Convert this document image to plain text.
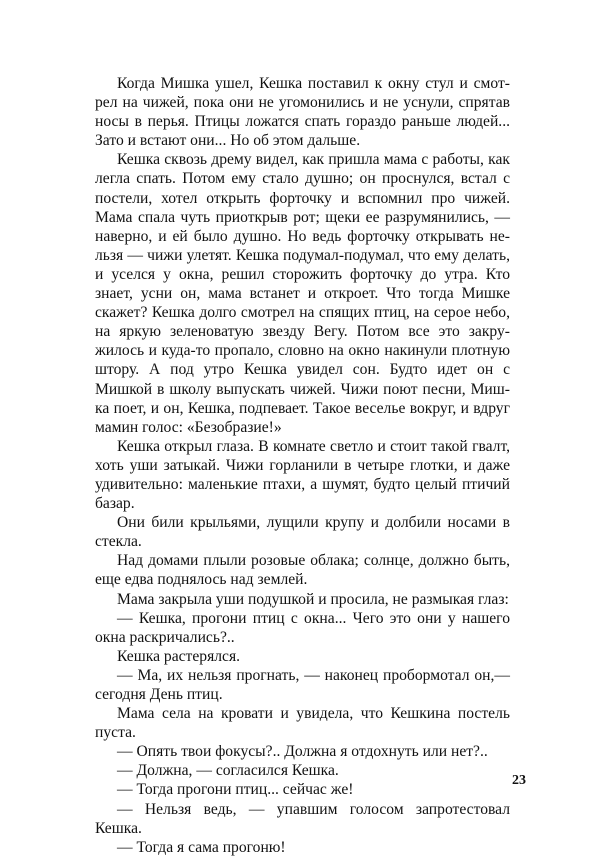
Когда Мишка ушел, Кешка поставил к окну стул и смотрел на чижей, пока они не угомонились и не уснули, спрятав носы в перья. Птицы ложатся спать гораздо раньше людей... Зато и встают они... Но об этом дальше.

Кешка сквозь дрему видел, как пришла мама с работы, как легла спать. Потом ему стало душно; он проснулся, встал с постели, хотел открыть форточку и вспомнил про чижей. Мама спала чуть приоткрыв рот; щеки ее разрумянились, — наверно, и ей было душно. Но ведь форточку открывать нельзя — чижи улетят. Кешка подумал-подумал, что ему делать, и уселся у окна, решил сторожить форточку до утра. Кто знает, усни он, мама встанет и откроет. Что тогда Мишке скажет? Кешка долго смотрел на спящих птиц, на серое небо, на яркую зеленоватую звезду Вегу. Потом все это закружилось и куда-то пропало, словно на окно накинули плотную штору. А под утро Кешка увидел сон. Будто идет он с Мишкой в школу выпускать чижей. Чижи поют песни, Мишка поет, и он, Кешка, подпевает. Такое веселье вокруг, и вдруг мамин голос: «Безобразие!»

Кешка открыл глаза. В комнате светло и стоит такой гвалт, хоть уши затыкай. Чижи горланили в четыре глотки, и даже удивительно: маленькие птахи, а шумят, будто целый птичий базар.

Они били крыльями, лущили крупу и долбили носами в стекла.

Над домами плыли розовые облака; солнце, должно быть, еще едва поднялось над землей.

Мама закрыла уши подушкой и просила, не размыкая глаз:

— Кешка, прогони птиц с окна... Чего это они у нашего окна раскричались?..

Кешка растерялся.

— Ма, их нельзя прогнать, — наконец пробормотал он,— сегодня День птиц.

Мама села на кровати и увидела, что Кешкина постель пуста.

— Опять твои фокусы?.. Должна я отдохнуть или нет?..

— Должна, — согласился Кешка.

— Тогда прогони птиц... сейчас же!

— Нельзя ведь, — упавшим голосом запротестовал Кешка.

— Тогда я сама прогоню!

23
